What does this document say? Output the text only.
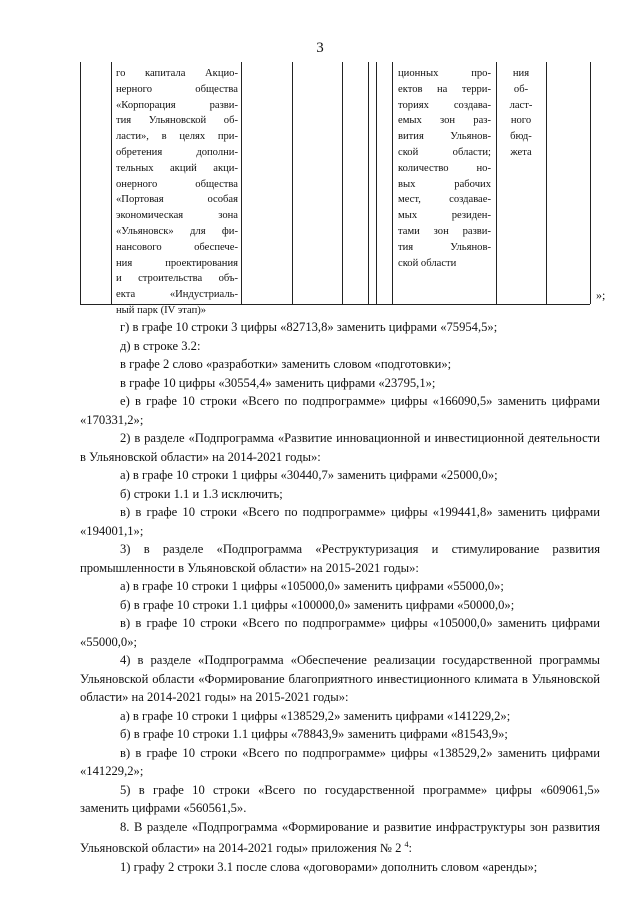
3
го капитала Акцио-
нерного общества
«Корпорация разви-
тия Ульяновской об-
ласти», в целях при-
обретения дополни-
тельных акций акци-
онерного общества
«Портовая особая
экономическая зона
«Ульяновск» для фи-
нансового обеспече-
ния проектирования
и строительства объ-
екта «Индустриаль-
ный парк (IV этап)»
ционных про-
ектов на терри-
ториях создава-
емых зон раз-
вития Ульянов-
ской области;
количество но-
вых рабочих
мест, создавае-
мых резиден-
тами зон разви-
тия Ульянов-
ской области
ния
об-
ласт-
ного
бюд-
жета
»;

г) в графе 10 строки 3 цифры «82713,8» заменить цифрами «75954,5»;

д) в строке 3.2:

в графе 2 слово «разработки» заменить словом «подготовки»;

в графе 10 цифры «30554,4» заменить цифрами «23795,1»;

е) в графе 10 строки «Всего по подпрограмме» цифры «166090,5» заменить цифрами «170331,2»;

2) в разделе «Подпрограмма «Развитие инновационной и инвестиционной деятельности в Ульяновской области» на 2014-2021 годы»:

а) в графе 10 строки 1 цифры «30440,7» заменить цифрами «25000,0»;

б) строки 1.1 и 1.3 исключить;

в) в графе 10 строки «Всего по подпрограмме» цифры «199441,8» заменить цифрами «194001,1»;

3) в разделе «Подпрограмма «Реструктуризация и стимулирование развития промышленности в Ульяновской области» на 2015-2021 годы»:

а) в графе 10 строки 1 цифры «105000,0» заменить цифрами «55000,0»;

б) в графе 10 строки 1.1 цифры «100000,0» заменить цифрами «50000,0»;

в) в графе 10 строки «Всего по подпрограмме» цифры «105000,0» заменить цифрами «55000,0»;

4) в разделе «Подпрограмма «Обеспечение реализации государственной программы Ульяновской области «Формирование благоприятного инвестиционного климата в Ульяновской области» на 2014-2021 годы» на 2015-2021 годы»:

а) в графе 10 строки 1 цифры «138529,2» заменить цифрами «141229,2»;

б) в графе 10 строки 1.1 цифры «78843,9» заменить цифрами «81543,9»;

в) в графе 10 строки «Всего по подпрограмме» цифры «138529,2» заменить цифрами «141229,2»;

5) в графе 10 строки «Всего по государственной программе» цифры «609061,5» заменить цифрами «560561,5».

8. В разделе «Подпрограмма «Формирование и развитие инфраструктуры зон развития Ульяновской области» на 2014-2021 годы» приложения № 2 $^4$:

1) графу 2 строки 3.1 после слова «договорами» дополнить словом «аренды»;
